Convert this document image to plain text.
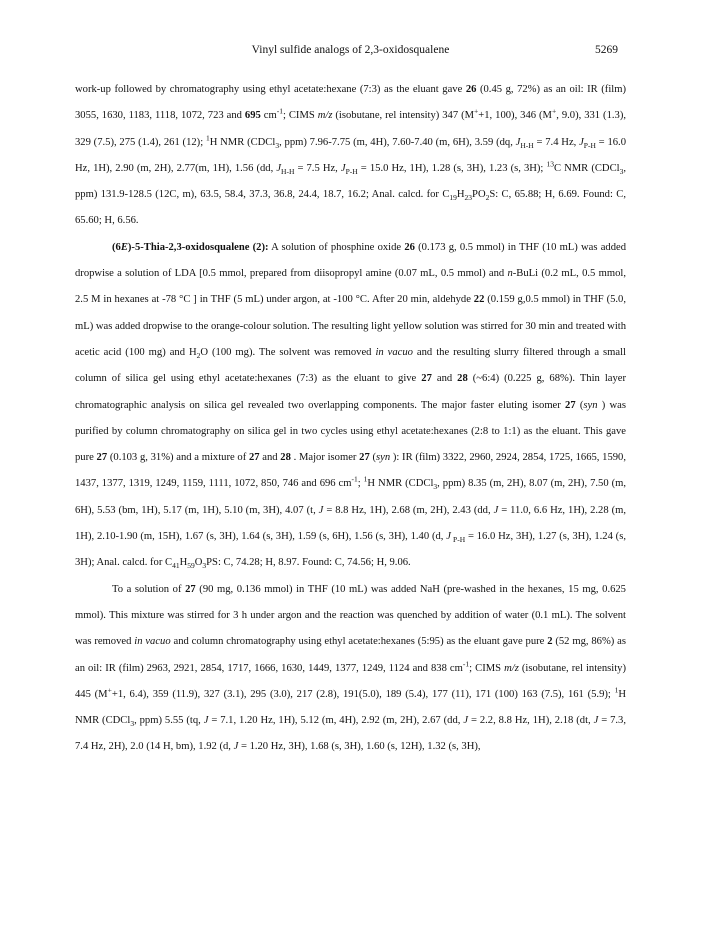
Vinyl sulfide analogs of 2,3-oxidosqualene	5269

work-up followed by chromatography using ethyl acetate:hexane (7:3) as the eluant gave 26 (0.45 g, 72%) as an oil: IR (film) 3055, 1630, 1183, 1118, 1072, 723 and 695 $cm^{-1}$; CIMS m/z (isobutane, rel intensity) 347 (M++1, 100), 346 (M+, 9.0), 331 (1.3), 329 (7.5), 275 (1.4), 261 (12); $^1$H NMR (CDCl$_3$, ppm) 7.96-7.75 (m, 4H), 7.60-7.40 (m, 6H), 3.59 (dq, $J_{H-H} = 7.4$ Hz, $J_{P-H} = 16.0$ Hz, 1H), 2.90 (m, 2H), 2.77(m, 1H), 1.56 (dd, $J_{H-H} = 7.5$ Hz, $J_{P-H} = 15.0$ Hz, 1H), 1.28 (s, 3H), 1.23 (s, 3H); $^{13}$C NMR (CDCl$_3$, ppm) 131.9-128.5 (12C, m), 63.5, 58.4, 37.3, 36.8, 24.4, 18.7, 16.2; Anal. calcd. for $C_{19}H_{23}PO_2S$: C, 65.88; H, 6.69. Found: C, 65.60; H, 6.56.

(6E)-5-Thia-2,3-oxidosqualene (2): A solution of phosphine oxide 26 (0.173 g, 0.5 mmol) in THF (10 mL) was added dropwise a solution of LDA [0.5 mmol, prepared from diisopropyl amine (0.07 mL, 0.5 mmol) and n-BuLi (0.2 mL, 0.5 mmol, 2.5 M in hexanes at -78 °C ] in THF (5 mL) under argon, at -100 °C. After 20 min, aldehyde 22 (0.159 g,0.5 mmol) in THF (5.0, mL) was added dropwise to the orange-colour solution. The resulting light yellow solution was stirred for 30 min and treated with acetic acid (100 mg) and $H_2O$ (100 mg). The solvent was removed in vacuo and the resulting slurry filtered through a small column of silica gel using ethyl acetate:hexanes (7:3) as the eluant to give 27 and 28 (~6:4) (0.225 g, 68%). Thin layer chromatographic analysis on silica gel revealed two overlapping components. The major faster eluting isomer 27 (syn ) was purified by column chromatography on silica gel in two cycles using ethyl acetate:hexanes (2:8 to 1:1) as the eluant. This gave pure 27 (0.103 g, 31%) and a mixture of 27 and 28 . Major isomer 27 (syn ): IR (film) 3322, 2960, 2924, 2854, 1725, 1665, 1590, 1437, 1377, 1319, 1249, 1159, 1111, 1072, 850, 746 and 696 $cm^{-1}$; $^1$H NMR (CDCl$_3$, ppm) 8.35 (m, 2H), 8.07 (m, 2H), 7.50 (m, 6H), 5.53 (bm, 1H), 5.17 (m, 1H), 5.10 (m, 3H), 4.07 (t, J = 8.8 Hz, 1H), 2.68 (m, 2H), 2.43 (dd, J = 11.0, 6.6 Hz, 1H), 2.28 (m, 1H), 2.10-1.90 (m, 15H), 1.67 (s, 3H), 1.64 (s, 3H), 1.59 (s, 6H), 1.56 (s, 3H), 1.40 (d, J $_{P-H}$ = 16.0 Hz, 3H), 1.27 (s, 3H), 1.24 (s, 3H); Anal. calcd. for $C_{41}H_{59}O_3PS$: C, 74.28; H, 8.97. Found: C, 74.56; H, 9.06.

To a solution of 27 (90 mg, 0.136 mmol) in THF (10 mL) was added NaH (pre-washed in the hexanes, 15 mg, 0.625 mmol). This mixture was stirred for 3 h under argon and the reaction was quenched by addition of water (0.1 mL). The solvent was removed in vacuo and column chromatography using ethyl acetate:hexanes (5:95) as the eluant gave pure 2 (52 mg, 86%) as an oil: IR (film) 2963, 2921, 2854, 1717, 1666, 1630, 1449, 1377, 1249, 1124 and 838 $cm^{-1}$; CIMS m/z (isobutane, rel intensity) 445 (M++1, 6.4), 359 (11.9), 327 (3.1), 295 (3.0), 217 (2.8), 191(5.0), 189 (5.4), 177 (11), 171 (100) 163 (7.5), 161 (5.9); $^1$H NMR (CDCl$_3$, ppm) 5.55 (tq, J = 7.1, 1.20 Hz, 1H), 5.12 (m, 4H), 2.92 (m, 2H), 2.67 (dd, J = 2.2, 8.8 Hz, 1H), 2.18 (dt, J = 7.3, 7.4 Hz, 2H), 2.0 (14 H, bm), 1.92 (d, J = 1.20 Hz, 3H), 1.68 (s, 3H), 1.60 (s, 12H), 1.32 (s, 3H),
